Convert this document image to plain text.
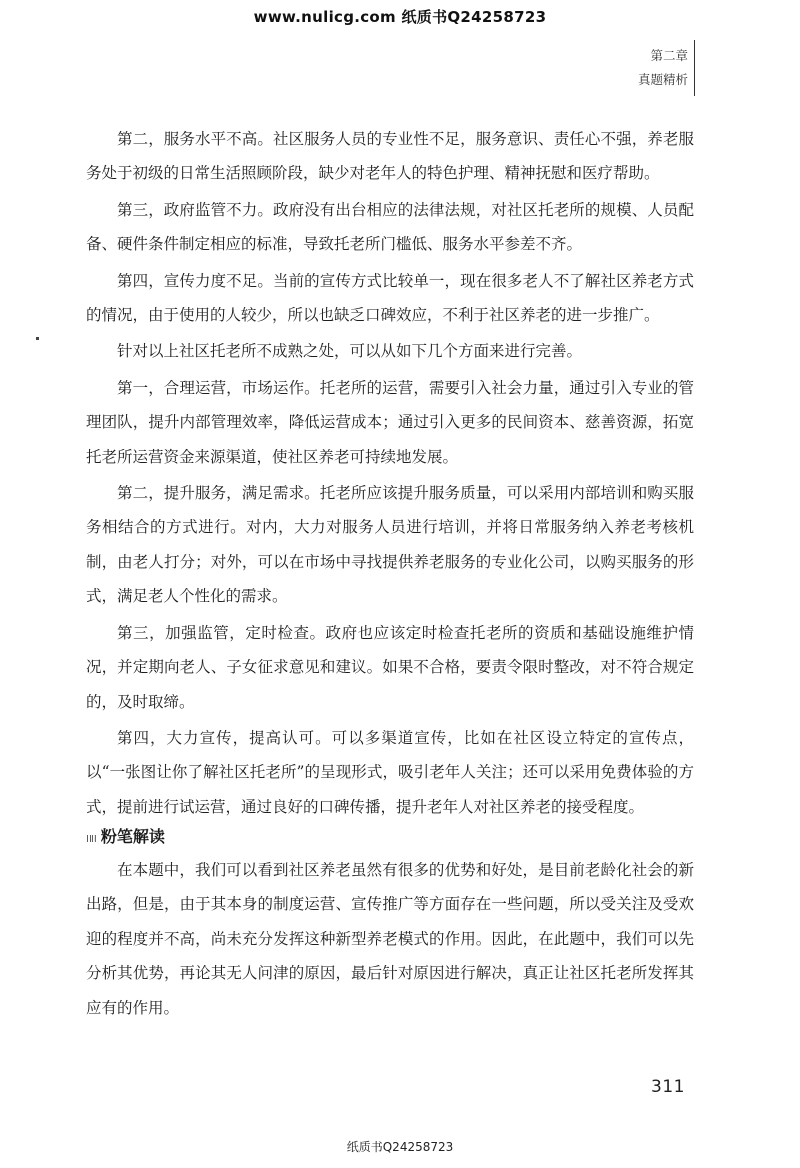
www.nulicg.com 纸质书Q24258723
第二章
真题精析

第二，服务水平不高。社区服务人员的专业性不足，服务意识、责任心不强，养老服务处于初级的日常生活照顾阶段，缺少对老年人的特色护理、精神抚慰和医疗帮助。

第三，政府监管不力。政府没有出台相应的法律法规，对社区托老所的规模、人员配备、硬件条件制定相应的标准，导致托老所门槛低、服务水平参差不齐。

第四，宣传力度不足。当前的宣传方式比较单一，现在很多老人不了解社区养老方式的情况，由于使用的人较少，所以也缺乏口碑效应，不利于社区养老的进一步推广。

针对以上社区托老所不成熟之处，可以从如下几个方面来进行完善。

第一，合理运营，市场运作。托老所的运营，需要引入社会力量，通过引入专业的管理团队，提升内部管理效率，降低运营成本；通过引入更多的民间资本、慈善资源，拓宽托老所运营资金来源渠道，使社区养老可持续地发展。

第二，提升服务，满足需求。托老所应该提升服务质量，可以采用内部培训和购买服务相结合的方式进行。对内，大力对服务人员进行培训，并将日常服务纳入养老考核机制，由老人打分；对外，可以在市场中寻找提供养老服务的专业化公司，以购买服务的形式，满足老人个性化的需求。

第三，加强监管，定时检查。政府也应该定时检查托老所的资质和基础设施维护情况，并定期向老人、子女征求意见和建议。如果不合格，要责令限时整改，对不符合规定的，及时取缔。

第四，大力宣传，提高认可。可以多渠道宣传，比如在社区设立特定的宣传点，以“一张图让你了解社区托老所”的呈现形式，吸引老年人关注；还可以采用免费体验的方式，提前进行试运营，通过良好的口碑传播，提升老年人对社区养老的接受程度。

ⅠⅡⅠ 粉笔解读

在本题中，我们可以看到社区养老虽然有很多的优势和好处，是目前老龄化社会的新出路，但是，由于其本身的制度运营、宣传推广等方面存在一些问题，所以受关注及受欢迎的程度并不高，尚未充分发挥这种新型养老模式的作用。因此，在此题中，我们可以先分析其优势，再论其无人问津的原因，最后针对原因进行解决，真正让社区托老所发挥其应有的作用。

311
纸质书Q24258723
